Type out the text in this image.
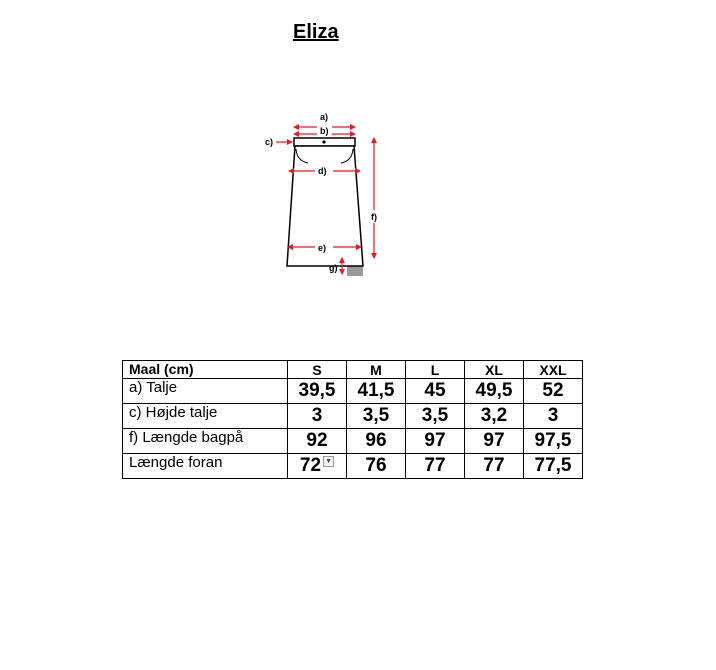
Eliza
a)
b)
c)
d)
e)
f)
g)
Maal (cm)	S	M	L	XL	XXL
a) Talje	39,5	41,5	45	49,5	52
c) Højde talje	3	3,5	3,5	3,2	3
f) Længde bagpå	92	96	97	97	97,5
Længde foran	72 ▼	76	77	77	77,5
